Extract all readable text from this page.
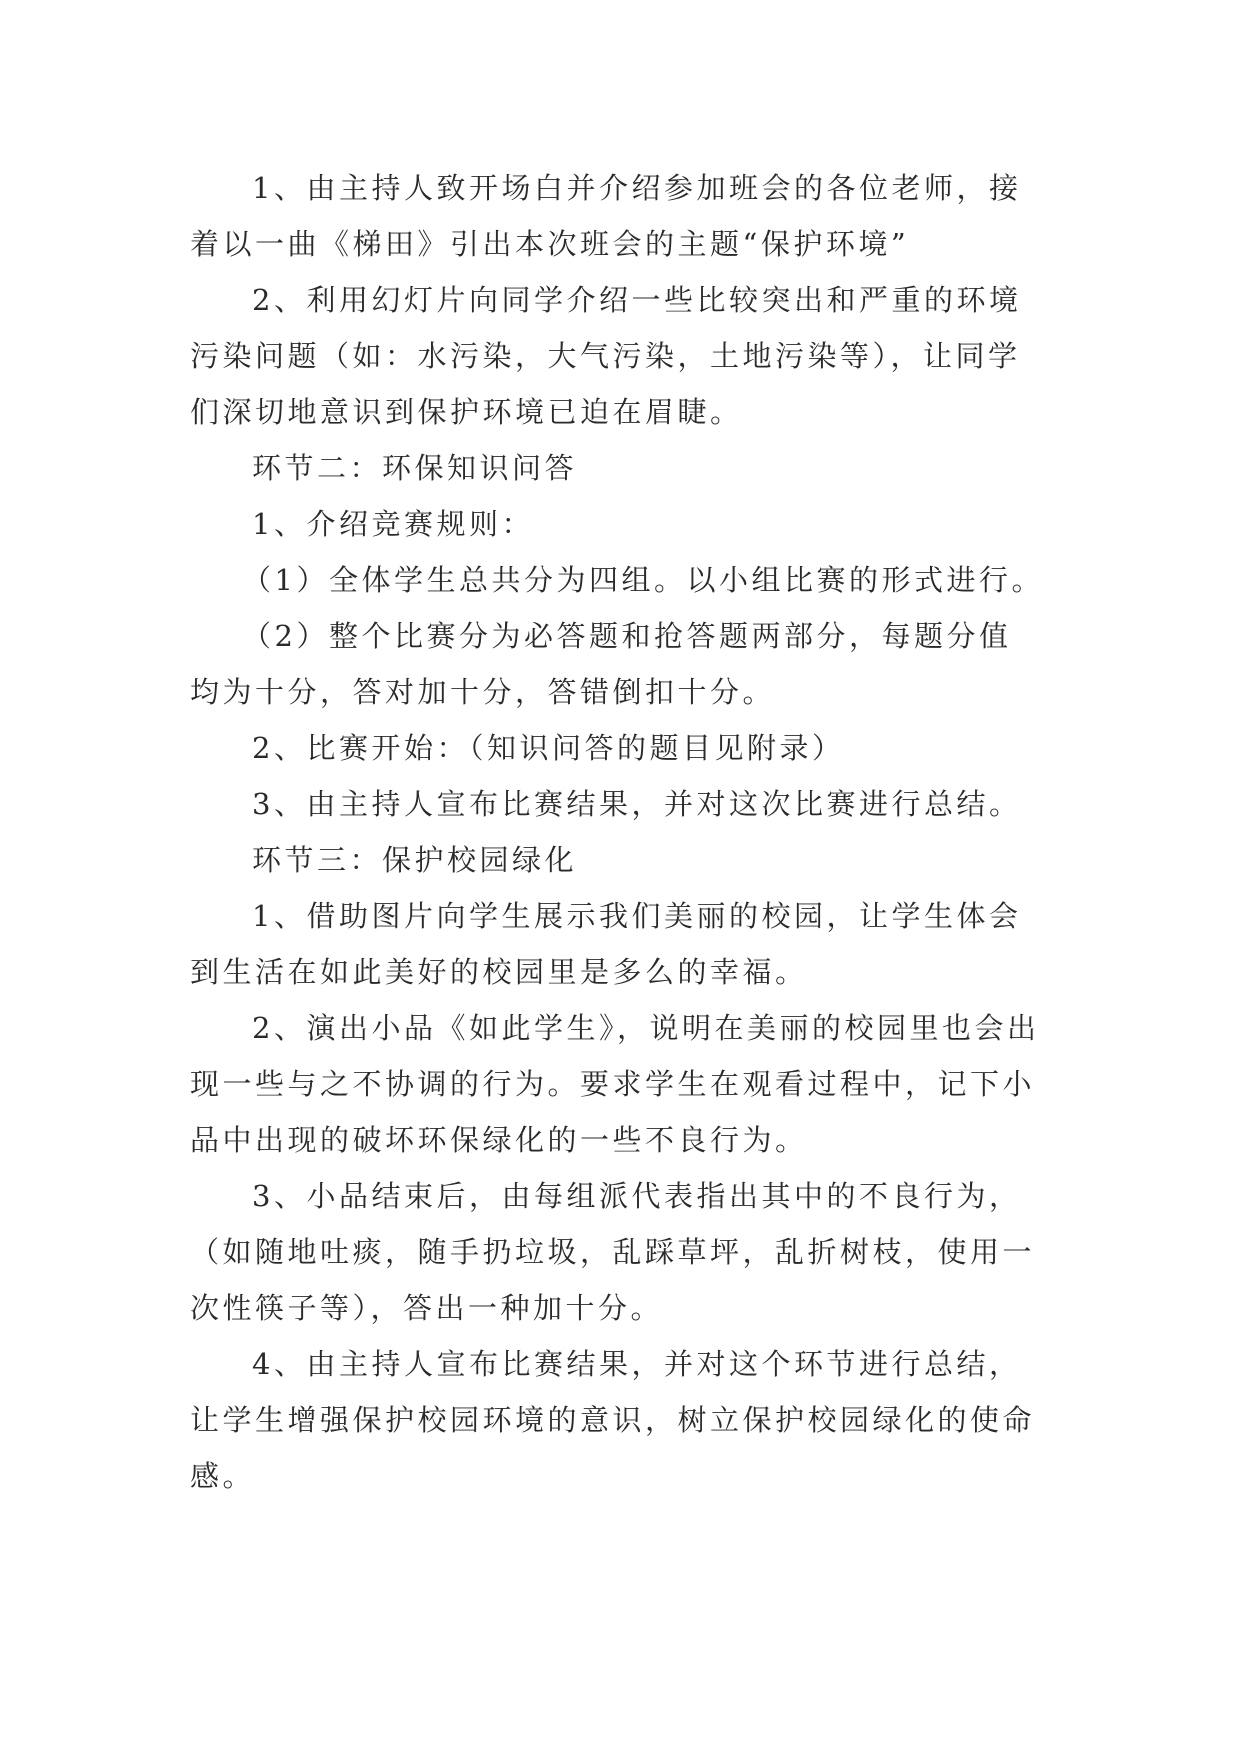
1、由主持人致开场白并介绍参加班会的各位老师，接
着以一曲《梯田》引出本次班会的主题“保护环境”
2、利用幻灯片向同学介绍一些比较突出和严重的环境
污染问题（如：水污染，大气污染，土地污染等），让同学
们深切地意识到保护环境已迫在眉睫。
环节二：环保知识问答
1、介绍竞赛规则：
（1）全体学生总共分为四组。以小组比赛的形式进行。
（2）整个比赛分为必答题和抢答题两部分，每题分值
均为十分，答对加十分，答错倒扣十分。
2、比赛开始：（知识问答的题目见附录）
3、由主持人宣布比赛结果，并对这次比赛进行总结。
环节三：保护校园绿化
1、借助图片向学生展示我们美丽的校园，让学生体会
到生活在如此美好的校园里是多么的幸福。
2、演出小品《如此学生》，说明在美丽的校园里也会出
现一些与之不协调的行为。要求学生在观看过程中，记下小
品中出现的破坏环保绿化的一些不良行为。
3、小品结束后，由每组派代表指出其中的不良行为，
（如随地吐痰，随手扔垃圾，乱踩草坪，乱折树枝，使用一
次性筷子等），答出一种加十分。
4、由主持人宣布比赛结果，并对这个环节进行总结，
让学生增强保护校园环境的意识，树立保护校园绿化的使命
感。
